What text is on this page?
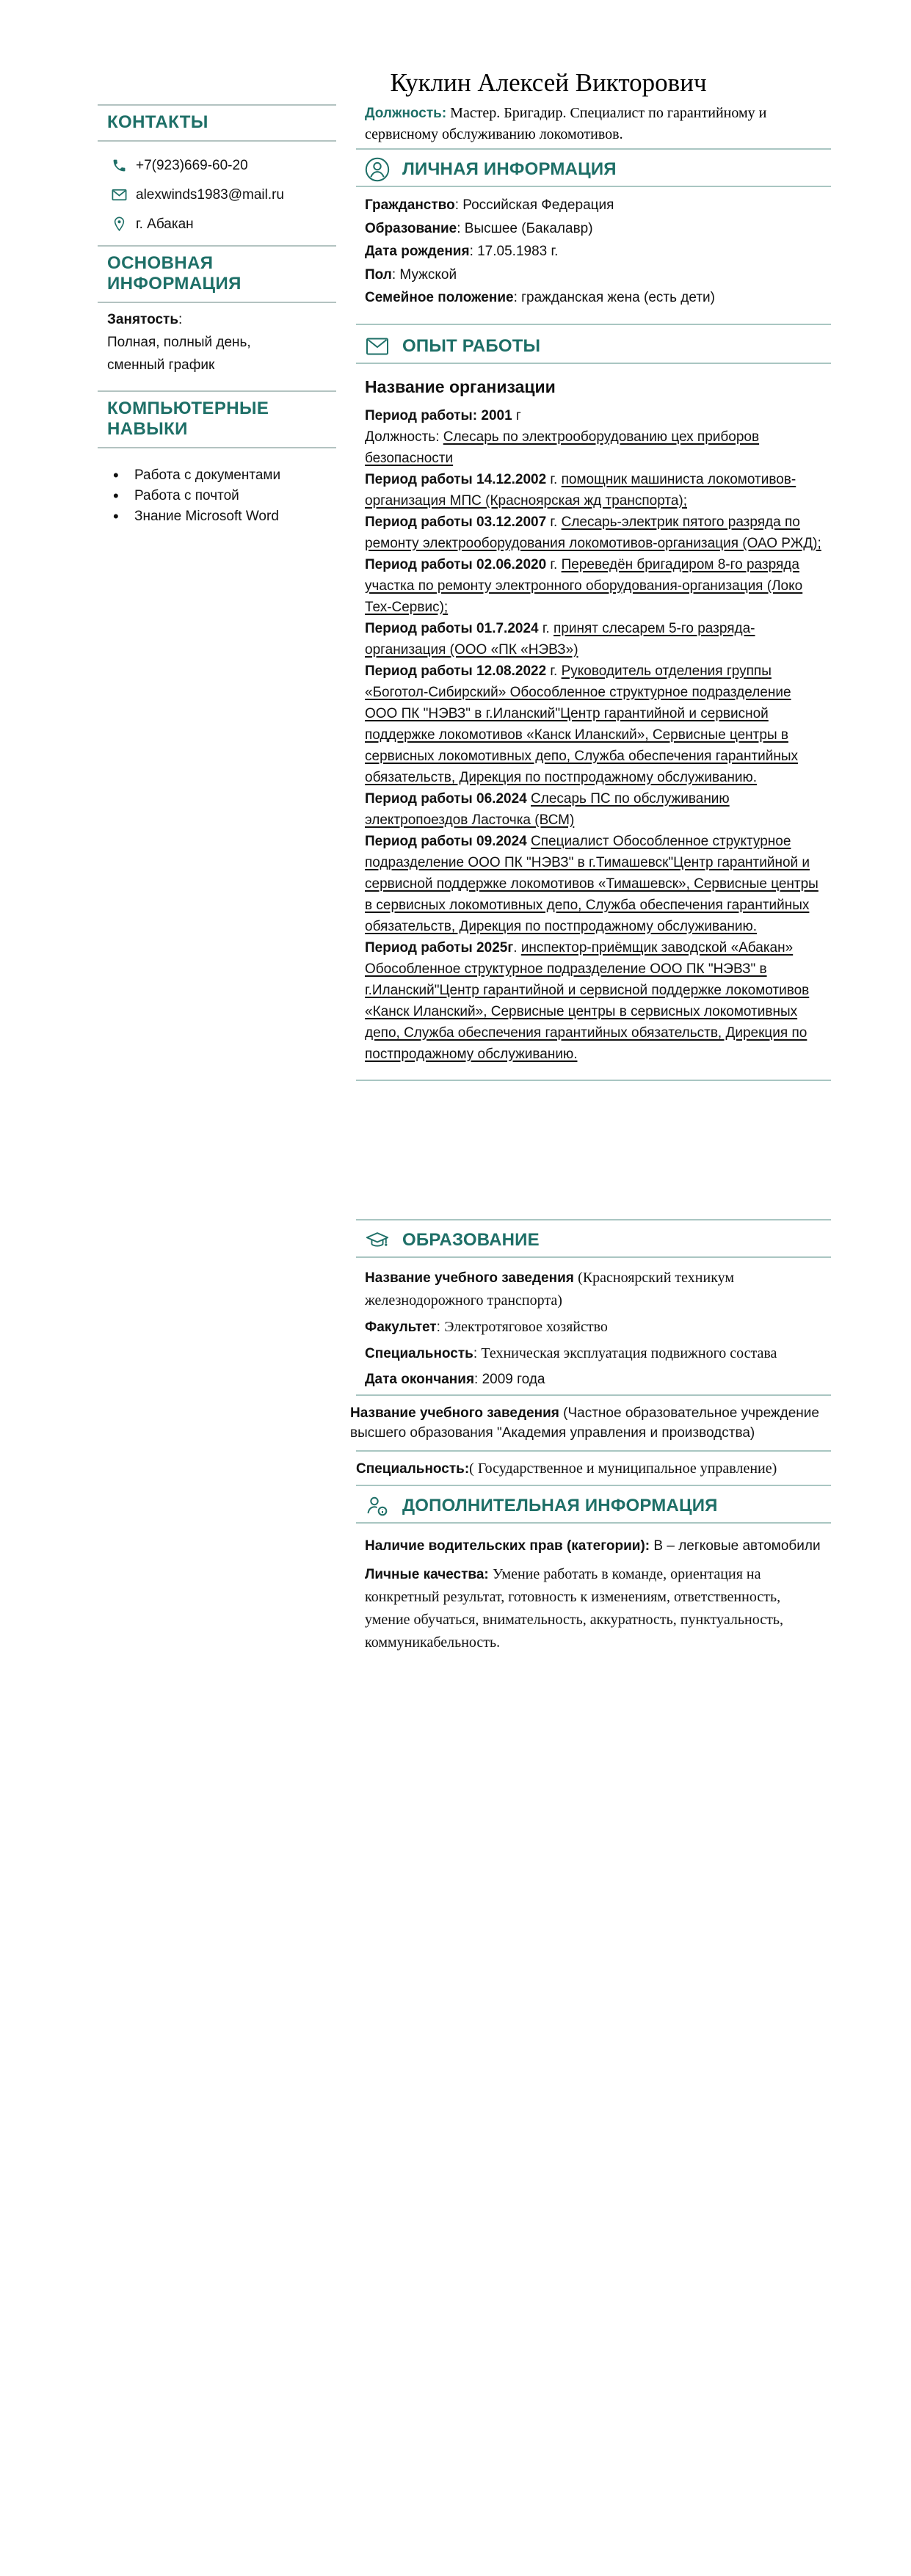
КОНТАКТЫ
+7(923)669-60-20
alexwinds1983@mail.ru
г. Абакан
ОСНОВНАЯ ИНФОРМАЦИЯ

Занятость:

Полная, полный день,

сменный график

КОМПЬЮТЕРНЫЕ НАВЫКИ
• Работа с документами
• Работа с почтой
• Знание Microsoft Word
Куклин Алексей Викторович

Должность: Мастер. Бригадир. Специалист по гарантийному и сервисному обслуживанию локомотивов.

ЛИЧНАЯ ИНФОРМАЦИЯ

Гражданство: Российская Федерация

Образование: Высшее (Бакалавр)

Дата рождения: 17.05.1983 г.

Пол: Мужской

Семейное положение: гражданская жена (есть дети)

ОПЫТ РАБОТЫ
Название организации

Период работы: 2001 г

Должность: Слесарь по электрооборудованию цех приборов безопасности

Период работы 14.12.2002 г. помощник машиниста локомотивов-организация МПС (Красноярская жд транспорта);

Период работы 03.12.2007 г. Слесарь-электрик пятого разряда по ремонту электрооборудования локомотивов-организация (ОАО РЖД);

Период работы 02.06.2020 г. Переведён бригадиром 8-го разряда участка по ремонту электронного оборудования-организация (Локо Тех-Сервис);

Период работы 01.7.2024 г. принят слесарем 5-го разряда-организация (ООО «ПК «НЭВЗ»)

Период работы 12.08.2022 г. Руководитель отделения группы «Боготол-Сибирский» Обособленное структурное подразделение ООО ПК "НЭВЗ" в г.Иланский"Центр гарантийной и сервисной поддержке локомотивов «Канск Иланский», Сервисные центры в сервисных локомотивных депо, Служба обеспечения гарантийных обязательств, Дирекция по постпродажному обслуживанию.

Период работы 06.2024 Слесарь ПС по обслуживанию электропоездов Ласточка (ВСМ)

Период работы 09.2024 Специалист Обособленное структурное подразделение ООО ПК "НЭВЗ" в г.Тимашевск"Центр гарантийной и сервисной поддержке локомотивов «Тимашевск», Сервисные центры в сервисных локомотивных депо, Служба обеспечения гарантийных обязательств, Дирекция по постпродажному обслуживанию.

Период работы 2025г. инспектор-приёмщик заводской «Абакан» Обособленное структурное подразделение ООО ПК "НЭВЗ" в г.Иланский"Центр гарантийной и сервисной поддержке локомотивов «Канск Иланский», Сервисные центры в сервисных локомотивных депо, Служба обеспечения гарантийных обязательств, Дирекция по постпродажному обслуживанию.

ОБРАЗОВАНИЕ

Название учебного заведения (Красноярский техникум железнодорожного транспорта)

Факультет: Электротяговое хозяйство

Специальность: Техническая эксплуатация подвижного состава

Дата окончания: 2009 года

Название учебного заведения (Частное образовательное учреждение высшего образования "Академия управления и производства)

Специальность:( Государственное и муниципальное управление)

ДОПОЛНИТЕЛЬНАЯ ИНФОРМАЦИЯ

Наличие водительских прав (категории): В – легковые автомобили

Личные качества: Умение работать в команде, ориентация на конкретный результат, готовность к изменениям, ответственность, умение обучаться, внимательность, аккуратность, пунктуальность, коммуникабельность.
